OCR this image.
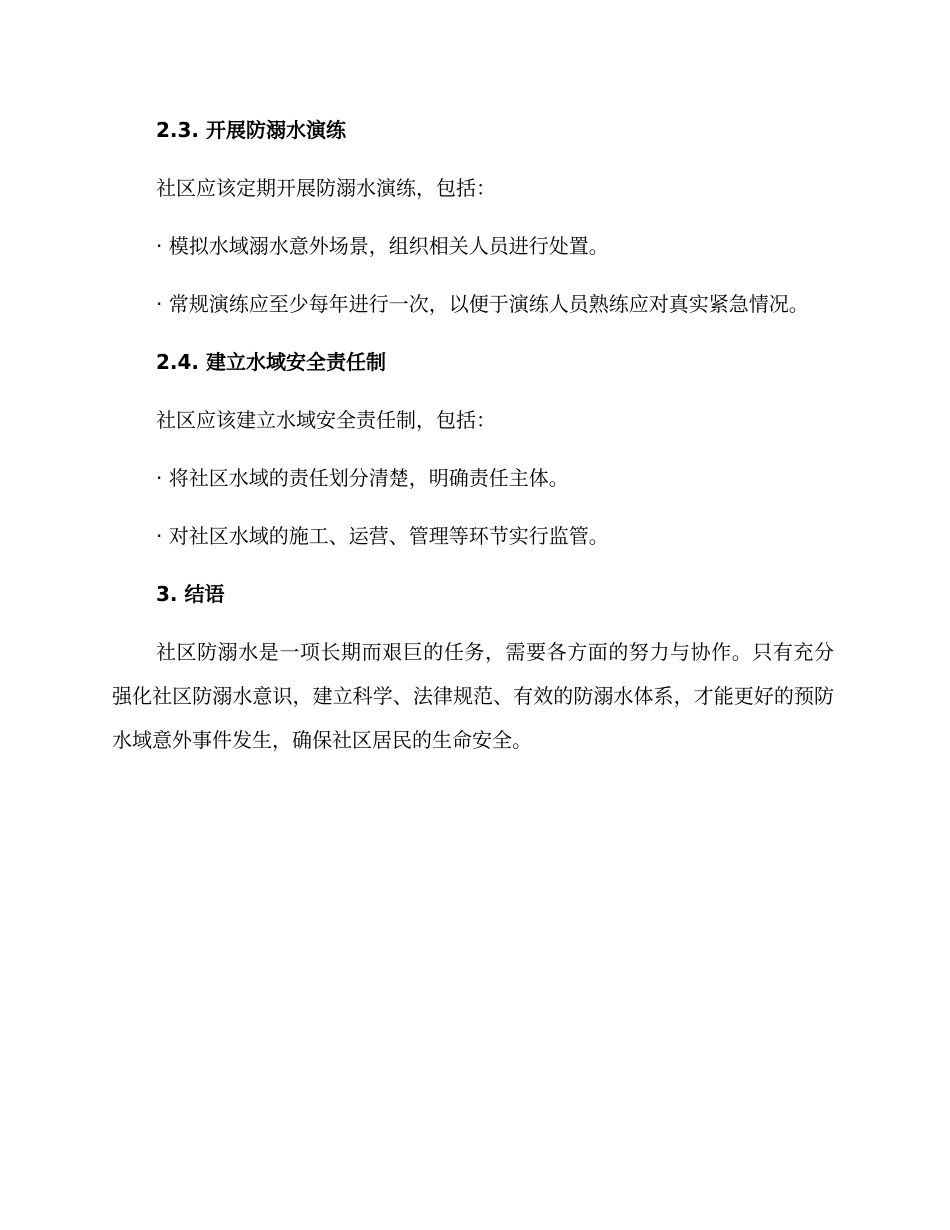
2.3. 开展防溺水演练
社区应该定期开展防溺水演练，包括：
· 模拟水域溺水意外场景，组织相关人员进行处置。
· 常规演练应至少每年进行一次，以便于演练人员熟练应对真实紧急情况。
2.4. 建立水域安全责任制
社区应该建立水域安全责任制，包括：
· 将社区水域的责任划分清楚，明确责任主体。
· 对社区水域的施工、运营、管理等环节实行监管。
3. 结语
社区防溺水是一项长期而艰巨的任务，需要各方面的努力与协作。只有充分强化社区防溺水意识，建立科学、法律规范、有效的防溺水体系，才能更好的预防水域意外事件发生，确保社区居民的生命安全。
